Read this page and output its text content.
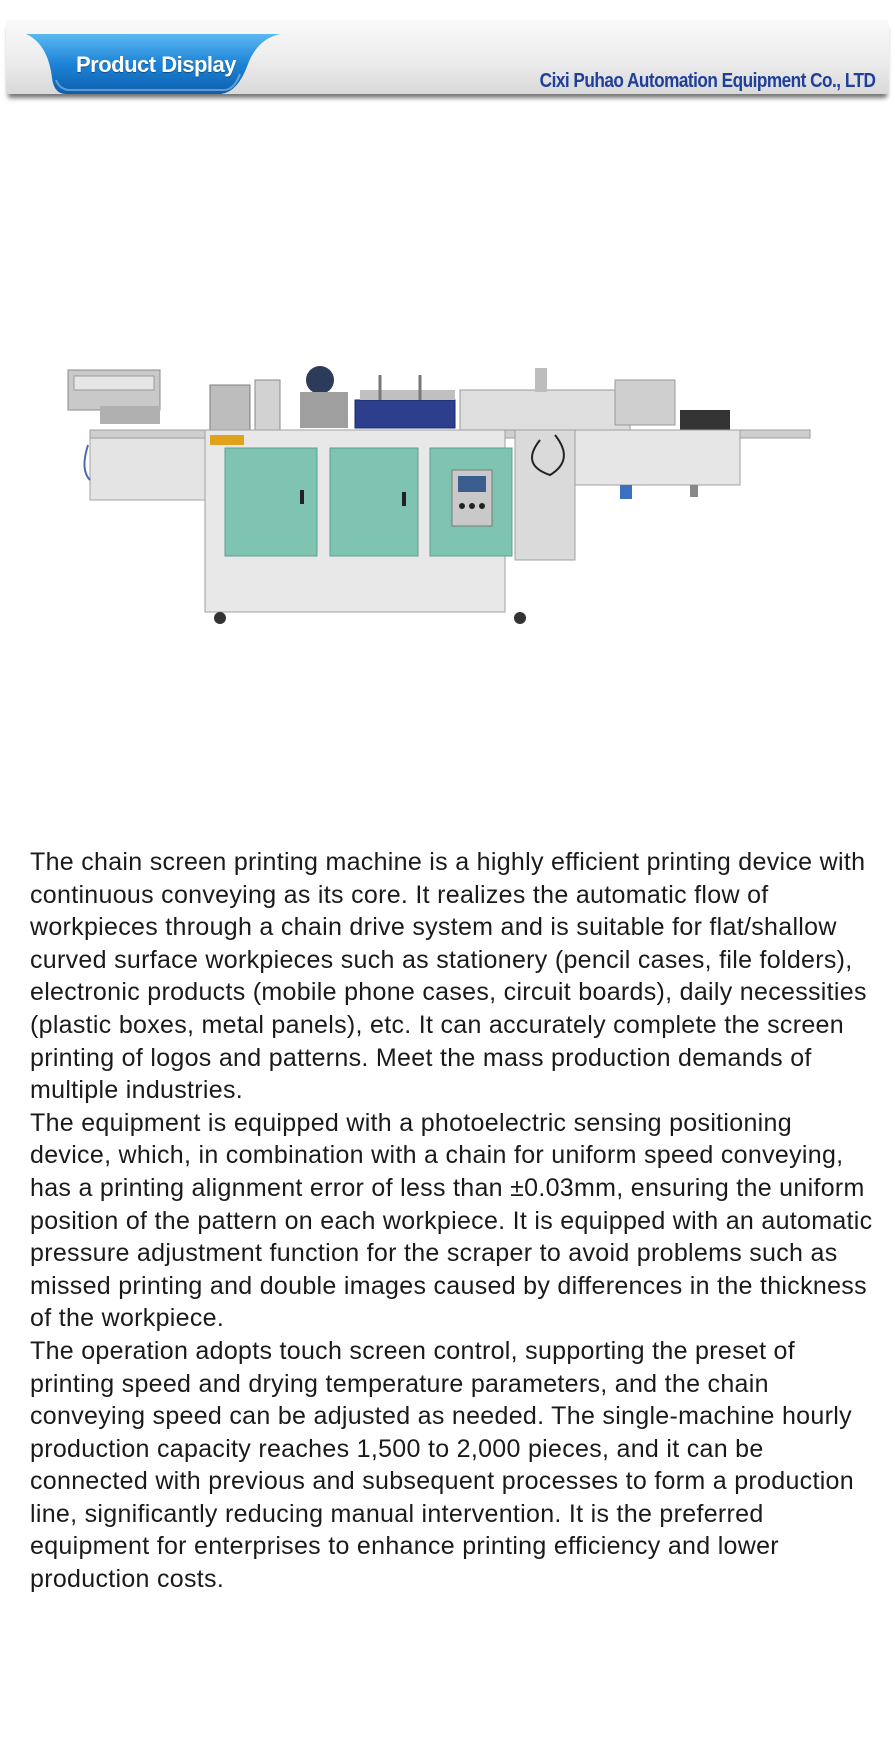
Product Display
Cixi Puhao Automation Equipment Co., LTD

The chain screen printing machine is a highly efficient printing device with continuous conveying as its core. It realizes the automatic flow of workpieces through a chain drive system and is suitable for flat/shallow curved surface workpieces such as stationery (pencil cases, file folders), electronic products (mobile phone cases, circuit boards), daily necessities (plastic boxes, metal panels), etc. It can accurately complete the screen printing of logos and patterns. Meet the mass production demands of multiple industries.

The equipment is equipped with a photoelectric sensing positioning device, which, in combination with a chain for uniform speed conveying, has a printing alignment error of less than ±0.03mm, ensuring the uniform position of the pattern on each workpiece. It is equipped with an automatic pressure adjustment function for the scraper to avoid problems such as missed printing and double images caused by differences in the thickness of the workpiece.

The operation adopts touch screen control, supporting the preset of printing speed and drying temperature parameters, and the chain conveying speed can be adjusted as needed. The single-machine hourly production capacity reaches 1,500 to 2,000 pieces, and it can be connected with previous and subsequent processes to form a production line, significantly reducing manual intervention. It is the preferred equipment for enterprises to enhance printing efficiency and lower production costs.
